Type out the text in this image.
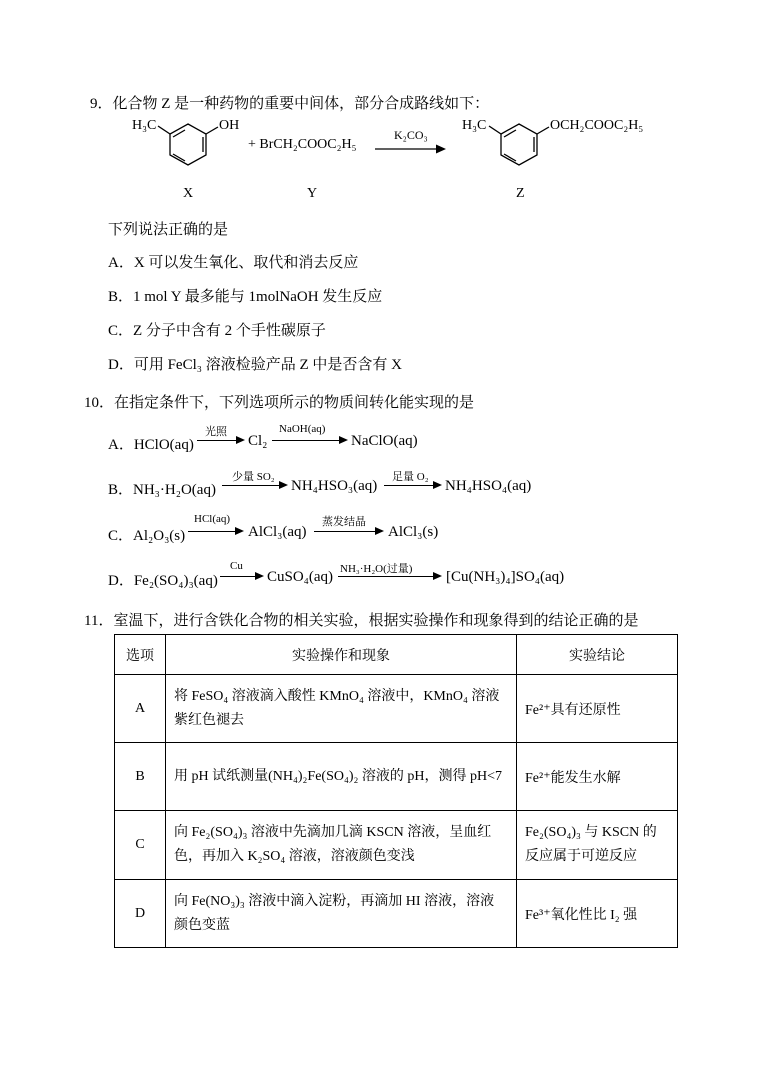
9．化合物 Z 是一种药物的重要中间体，部分合成路线如下：
H₃C	OH
+ BrCH₂COOC₂H₅
K₂CO₃
H₃C	OCH₂COOC₂H₅
X	Y	Z
下列说法正确的是
A．X 可以发生氧化、取代和消去反应
B．1 mol Y 最多能与 1molNaOH 发生反应
C．Z 分子中含有 2 个手性碳原子
D．可用 FeCl₃ 溶液检验产品 Z 中是否含有 X
10．在指定条件下，下列选项所示的物质间转化能实现的是
A．HClO(aq)
光照
Cl₂
NaOH(aq)
NaClO(aq)
B．NH₃·H₂O(aq)
少量 SO₂
NH₄HSO₃(aq)
足量 O₂
NH₄HSO₄(aq)
C．Al₂O₃(s)
HCl(aq)
AlCl₃(aq)
蒸发结晶
AlCl₃(s)
D．Fe₂(SO₄)₃(aq)
Cu
CuSO₄(aq) NH₃·H₂O(过量) [Cu(NH₃)₄]SO₄(aq)
11．室温下，进行含铁化合物的相关实验，根据实验操作和现象得到的结论正确的是
选项	实验操作和现象	实验结论
A	将 FeSO₄ 溶液滴入酸性 KMnO₄ 溶液中，KMnO₄ 溶液紫红色褪去	Fe²⁺具有还原性
B	用 pH 试纸测量(NH₄)₂Fe(SO₄)₂ 溶液的 pH，测得 pH<7	Fe²⁺能发生水解
C	向 Fe₂(SO₄)₃ 溶液中先滴加几滴 KSCN 溶液，呈血红色，再加入 K₂SO₄ 溶液，溶液颜色变浅	Fe₂(SO₄)₃ 与 KSCN 的反应属于可逆反应
D	向 Fe(NO₃)₃ 溶液中滴入淀粉，再滴加 HI 溶液，溶液颜色变蓝	Fe³⁺氧化性比 I₂ 强
